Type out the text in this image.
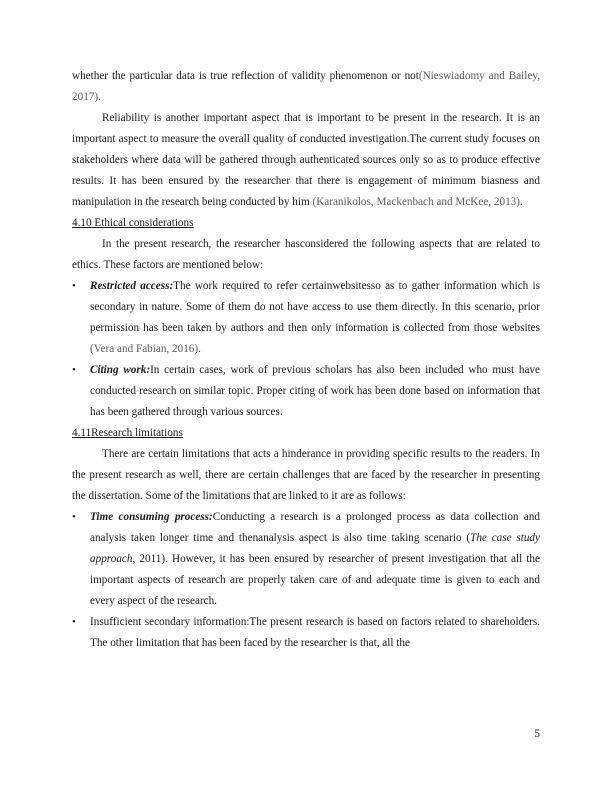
whether the particular data is true reflection of validity phenomenon or not(Nieswiadomy and Bailey, 2017).

Reliability is another important aspect that is important to be present in the research. It is an important aspect to measure the overall quality of conducted investigation.The current study focuses on stakeholders where data will be gathered through authenticated sources only so as to produce effective results. It has been ensured by the researcher that there is engagement of minimum biasness and manipulation in the research being conducted by him (Karanikolos, Mackenbach and McKee, 2013).

4.10 Ethical considerations

In the present research, the researcher hasconsidered the following aspects that are related to ethics. These factors are mentioned below:

• Restricted access:The work required to refer certainwebsitesso as to gather information which is secondary in nature. Some of them do not have access to use them directly. In this scenario, prior permission has been taken by authors and then only information is collected from those websites (Vera and Fabian, 2016).
• Citing work:In certain cases, work of previous scholars has also been included who must have conducted research on similar topic. Proper citing of work has been done based on information that has been gathered through various sources.
4.11Research limitations

There are certain limitations that acts a hinderance in providing specific results to the readers. In the present research as well, there are certain challenges that are faced by the researcher in presenting the dissertation. Some of the limitations that are linked to it are as follows:

• Time consuming process:Conducting a research is a prolonged process as data collection and analysis taken longer time and thenanalysis aspect is also time taking scenario (The case study approach, 2011). However, it has been ensured by researcher of present investigation that all the important aspects of research are properly taken care of and adequate time is given to each and every aspect of the research.
• Insufficient secondary information:The present research is based on factors related to shareholders. The other limitation that has been faced by the researcher is that, all the
5
